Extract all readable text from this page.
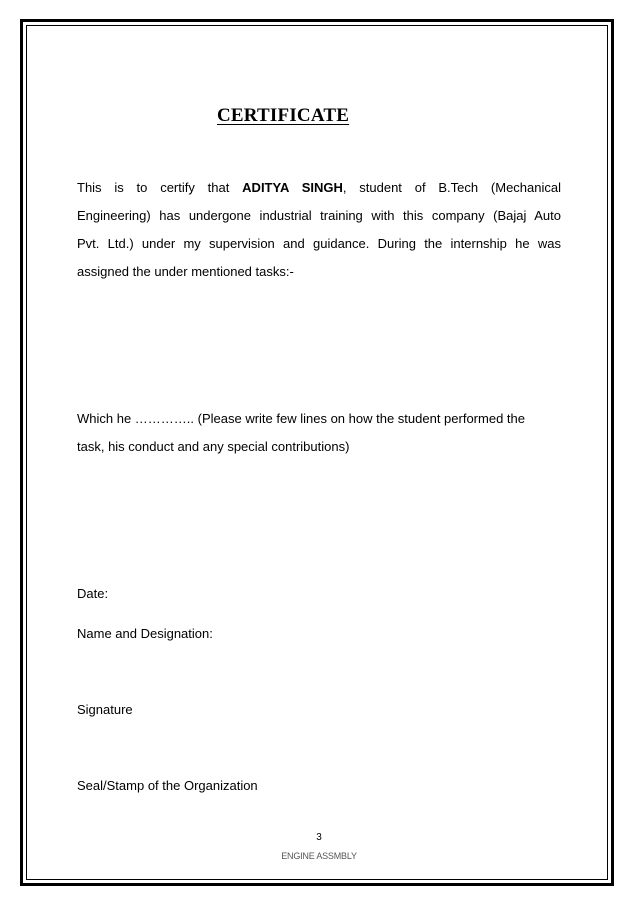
CERTIFICATE
This is to certify that ADITYA SINGH, student of B.Tech (Mechanical
Engineering) has undergone industrial training with this company (Bajaj Auto
Pvt. Ltd.) under my supervision and guidance. During the internship he was
assigned the under mentioned tasks:-
Which he ………….. (Please write few lines on how the student performed the
task, his conduct and any special contributions)
Date:
Name and Designation:
Signature
Seal/Stamp of the Organization
3
ENGINE ASSMBLY
